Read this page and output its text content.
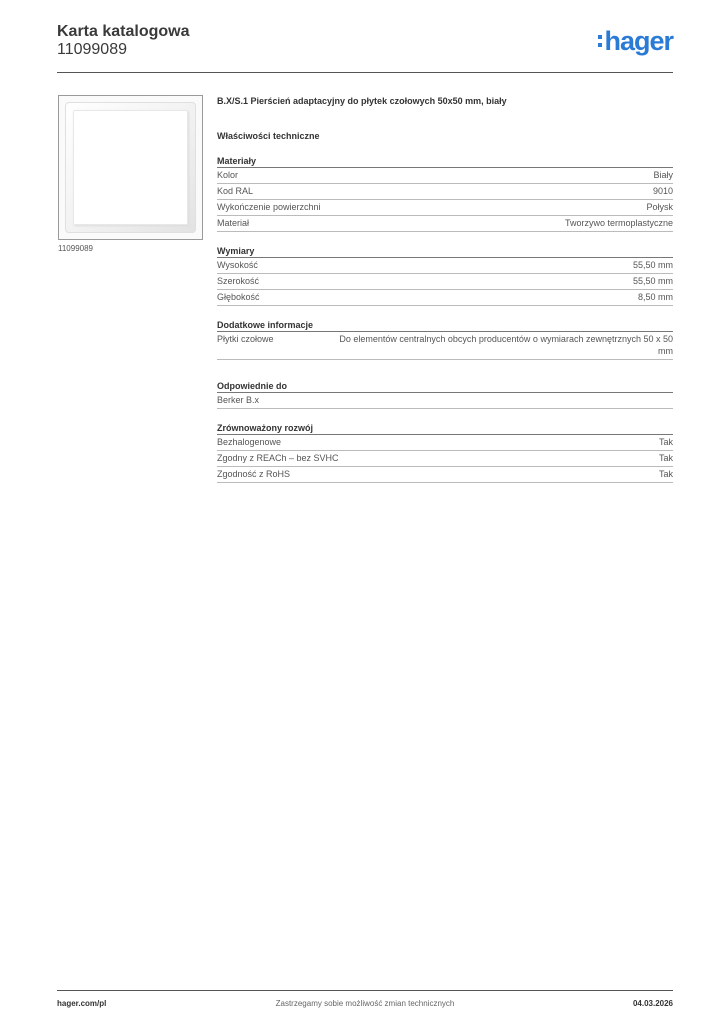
Karta katalogowa
11099089	hager
11099089
B.X/S.1 Pierścień adaptacyjny do płytek czołowych 50x50 mm, biały
Właściwości techniczne
Materiały
Kolor	Biały
Kod RAL	9010
Wykończenie powierzchni	Połysk
Materiał	Tworzywo termoplastyczne
Wymiary
Wysokość	55,50 mm
Szerokość	55,50 mm
Głębokość	8,50 mm
Dodatkowe informacje
Płytki czołowe	Do elementów centralnych obcych producentów o wymiarach zewnętrznych 50 x 50 mm
Odpowiednie do
Berker B.x
Zrównoważony rozwój
Bezhalogenowe	Tak
Zgodny z REACh – bez SVHC	Tak
Zgodność z RoHS	Tak
hager.com/pl	Zastrzegamy sobie możliwość zmian technicznych	04.03.2026
